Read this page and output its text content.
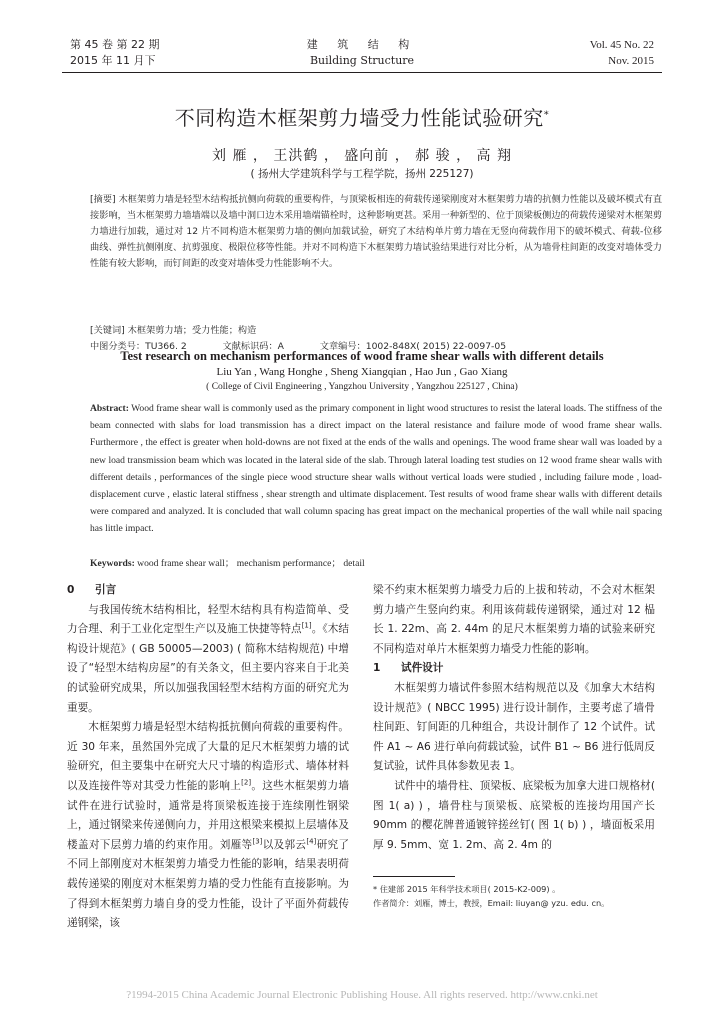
第 45 卷 第 22 期
2015 年 11 月下
建 筑 结 构
Building Structure
Vol. 45 No. 22
Nov. 2015
不同构造木框架剪力墙受力性能试验研究*
刘 雁 ， 王洪鹤 ， 盛向前 ， 郝 骏 ， 高 翔
( 扬州大学建筑科学与工程学院，扬州 225127)
[摘要] 木框架剪力墙是轻型木结构抵抗侧向荷载的重要构件，与顶梁板相连的荷载传递梁刚度对木框架剪力墙的抗侧力性能以及破坏模式有直接影响，当木框架剪力墙墙端以及墙中洞口边木采用墙端锚栓时，这种影响更甚。采用一种新型的、位于顶梁板侧边的荷载传递梁对木框架剪力墙进行加载，通过对 12 片不同构造木框架剪力墙的侧向加载试验，研究了木结构单片剪力墙在无竖向荷载作用下的破坏模式、荷载-位移曲线、弹性抗侧刚度、抗剪强度、极限位移等性能。并对不同构造下木框架剪力墙试验结果进行对比分析，从为墙骨柱间距的改变对墙体受力性能有较大影响，而钉间距的改变对墙体受力性能影响不大。
[关键词] 木框架剪力墙；受力性能；构造
中图分类号：TU366. 2	文献标识码：A	文章编号：1002-848X( 2015) 22-0097-05
Test research on mechanism performances of wood frame shear walls with different details
Liu Yan , Wang Honghe , Sheng Xiangqian , Hao Jun , Gao Xiang
( College of Civil Engineering , Yangzhou University , Yangzhou 225127 , China)
Abstract: Wood frame shear wall is commonly used as the primary component in light wood structures to resist the lateral loads. The stiffness of the beam connected with slabs for load transmission has a direct impact on the lateral resistance and failure mode of wood frame shear walls. Furthermore , the effect is greater when hold-downs are not fixed at the ends of the walls and openings. The wood frame shear wall was loaded by a new load transmission beam which was located in the lateral side of the slab. Through lateral loading test studies on 12 wood frame shear walls with different details , performances of the single piece wood structure shear walls without vertical loads were studied , including failure mode , load-displacement curve , elastic lateral stiffness , shear strength and ultimate displacement. Test results of wood frame shear walls with different details were compared and analyzed. It is concluded that wall column spacing has great impact on the mechanical properties of the wall while nail spacing has little impact.
Keywords: wood frame shear wall； mechanism performance； detail
0 引言

与我国传统木结构相比，轻型木结构具有构造简单、受力合理、利于工业化定型生产以及施工快捷等特点[1]。《木结构设计规范》( GB 50005—2003) ( 简称木结构规范) 中增设了“轻型木结构房屋”的有关条文，但主要内容来自于北美的试验研究成果，所以加强我国轻型木结构方面的研究尤为重要。

木框架剪力墙是轻型木结构抵抗侧向荷载的重要构件。近 30 年来，虽然国外完成了大量的足尺木框架剪力墙的试验研究，但主要集中在研究大尺寸墙的构造形式、墙体材料以及连接件等对其受力性能的影响上[2]。这些木框架剪力墙试件在进行试验时，通常是将顶梁板连接于连续刚性钢梁上，通过钢梁来传递侧向力，并用这根梁来模拟上层墙体及楼盖对下层剪力墙的约束作用。刘雁等[3]以及郭云[4]研究了不同上部刚度对木框架剪力墙受力性能的影响，结果表明荷载传递梁的刚度对木框架剪力墙的受力性能有直接影响。为了得到木框架剪力墙自身的受力性能，设计了平面外荷载传递钢梁，该

梁不约束木框架剪力墙受力后的上拔和转动，不会对木框架剪力墙产生竖向约束。利用该荷载传递钢梁，通过对 12 榀长 1. 22m、高 2. 44m 的足尺木框架剪力墙的试验来研究不同构造对单片木框架剪力墙受力性能的影响。

1 试件设计

木框架剪力墙试件参照木结构规范以及《加拿大木结构设计规范》( NBCC 1995) 进行设计制作，主要考虑了墙骨柱间距、钉间距的几种组合，共设计制作了 12 个试件。试件 A1 ~ A6 进行单向荷载试验，试件 B1 ~ B6 进行低周反复试验，试件具体参数见表 1。

试件中的墙骨柱、顶梁板、底梁板为加拿大进口规格材( 图 1( a) ) ，墙骨柱与顶梁板、底梁板的连接均用国产长 90mm 的樱花牌普通镀锌搓丝钉( 图 1( b) ) ，墙面板采用厚 9. 5mm、宽 1. 2m、高 2. 4m 的

* 住建部 2015 年科学技术项目( 2015-K2-009) 。
作者简介：刘雁，博士，教授，Email: liuyan@ yzu. edu. cn。
?1994-2015 China Academic Journal Electronic Publishing House. All rights reserved. http://www.cnki.net
